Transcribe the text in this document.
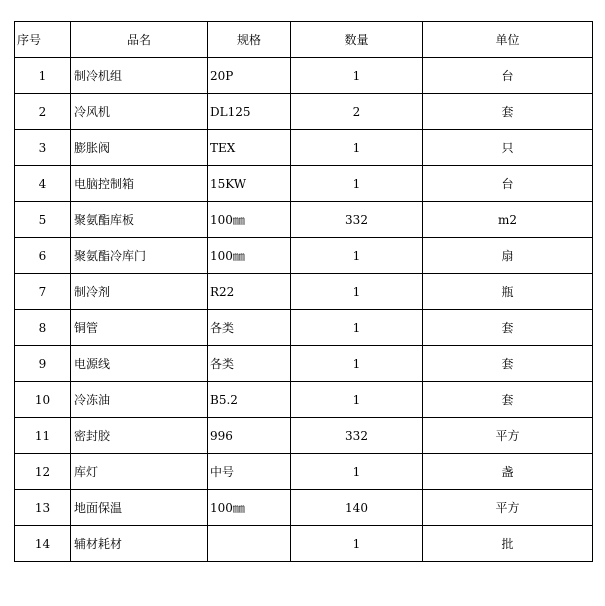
序号	品名	规格	数量	单位
1	制冷机组	20P	1	台
2	冷风机	DL125	2	套
3	膨胀阀	TEX	1	只
4	电脑控制箱	15KW	1	台
5	聚氨酯库板	100㎜	332	m2
6	聚氨酯冷库门	100㎜	1	扇
7	制冷剂	R22	1	瓶
8	铜管	各类	1	套
9	电源线	各类	1	套
10	冷冻油	B5.2	1	套
11	密封胶	996	332	平方
12	库灯	中号	1	盏
13	地面保温	100㎜	140	平方
14	辅材耗材		1	批
